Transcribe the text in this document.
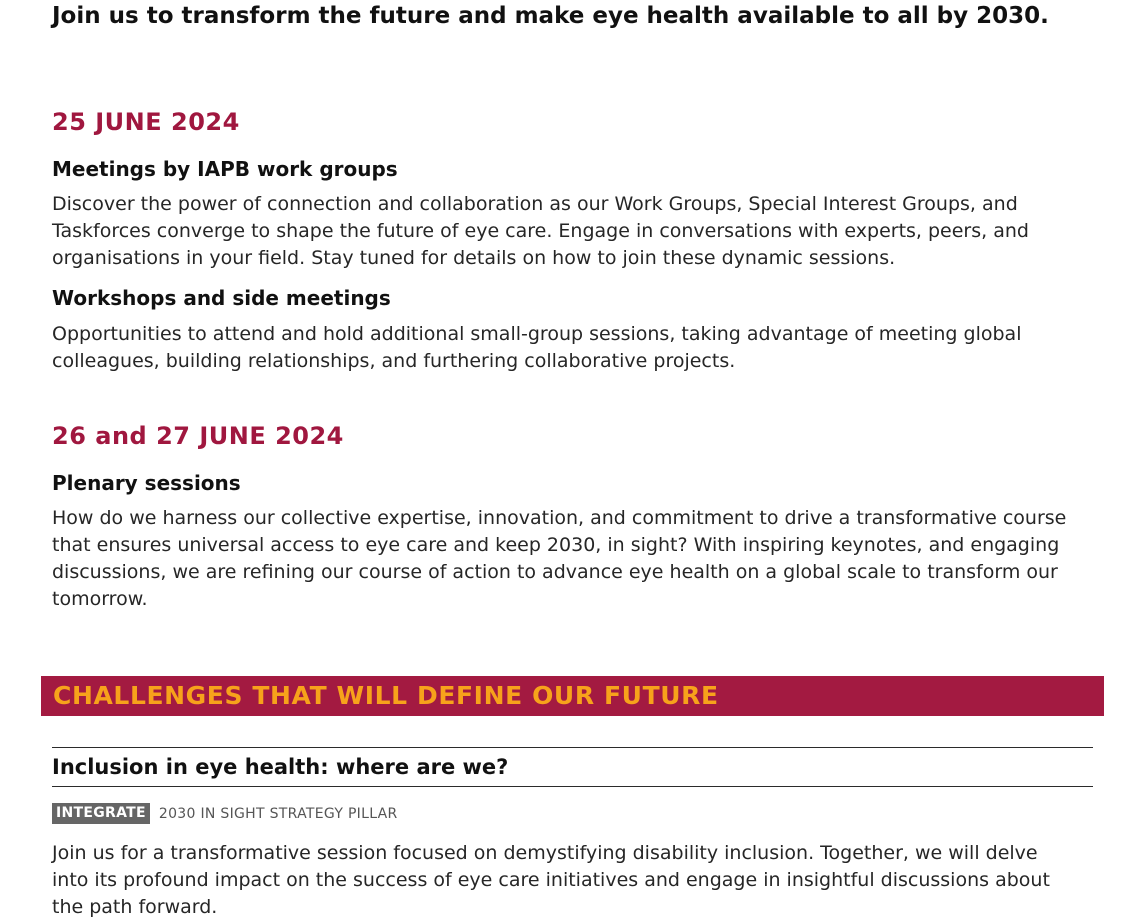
Join us to transform the future and make eye health available to all by 2030.
25 JUNE 2024
Meetings by IAPB work groups

Discover the power of connection and collaboration as our Work Groups, Special Interest Groups, and Taskforces converge to shape the future of eye care. Engage in conversations with experts, peers, and organisations in your field. Stay tuned for details on how to join these dynamic sessions.

Workshops and side meetings

Opportunities to attend and hold additional small-group sessions, taking advantage of meeting global colleagues, building relationships, and furthering collaborative projects.

26 and 27 JUNE 2024
Plenary sessions

How do we harness our collective expertise, innovation, and commitment to drive a transformative course that ensures universal access to eye care and keep 2030, in sight? With inspiring keynotes, and engaging discussions, we are refining our course of action to advance eye health on a global scale to transform our tomorrow.

CHALLENGES THAT WILL DEFINE OUR FUTURE
Inclusion in eye health: where are we?
INTEGRATE 2030 IN SIGHT STRATEGY PILLAR

Join us for a transformative session focused on demystifying disability inclusion. Together, we will delve into its profound impact on the success of eye care initiatives and engage in insightful discussions about the path forward.
